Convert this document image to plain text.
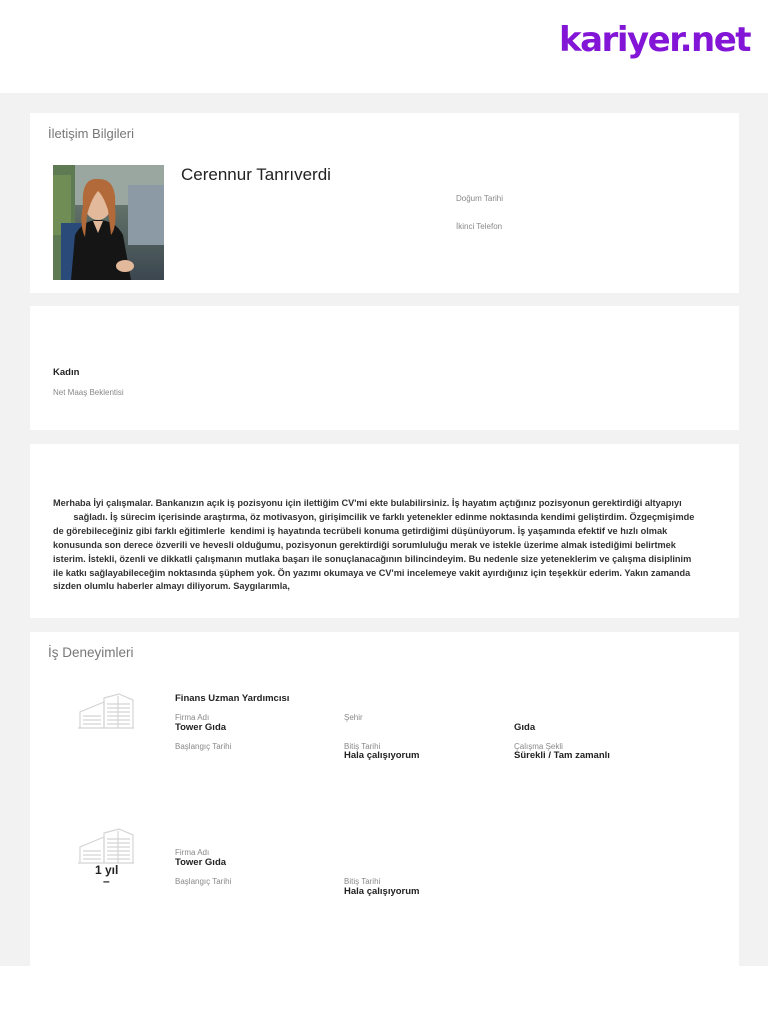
kariyer.net
İletişim Bilgileri
Cerennur Tanrıverdi
Doğum Tarihi
İkinci Telefon
Kadın
Net Maaş Beklentisi
Merhaba İyi çalışmalar. Bankanızın açık iş pozisyonu için ilettiğim CV'mi ekte bulabilirsiniz. İş hayatım açtığınız pozisyonun gerektirdiği altyapıyı
sağladı. İş sürecim içerisinde araştırma, öz motivasyon, girişimcilik ve farklı yetenekler edinme noktasında kendimi geliştirdim. Özgeçmişimde
de görebileceğiniz gibi farklı eğitimlerle  kendimi iş hayatında tecrübeli konuma getirdiğimi düşünüyorum. İş yaşamında efektif ve hızlı olmak
konusunda son derece özverili ve hevesli olduğumu, pozisyonun gerektirdiği sorumluluğu merak ve istekle üzerime almak istediğimi belirtmek
isterim. İstekli, özenli ve dikkatli çalışmanın mutlaka başarı ile sonuçlanacağının bilincindeyim. Bu nedenle size yeteneklerim ve çalışma disiplinim
ile katkı sağlayabileceğim noktasında şüphem yok. Ön yazımı okumaya ve CV'mi incelemeye vakit ayırdığınız için teşekkür ederim. Yakın zamanda
sizden olumlu haberler almayı diliyorum. Saygılarımla,
İş Deneyimleri
Finans Uzman Yardımcısı
Firma Adı
Tower Gıda
Şehir
Gıda
Başlangıç Tarihi	Bitiş Tarihi
Hala çalışıyorum
Çalışma Şekli
Sürekli / Tam zamanlı
1 yıl
–
Firma Adı
Tower Gıda
Başlangıç Tarihi	Bitiş Tarihi
Hala çalışıyorum
